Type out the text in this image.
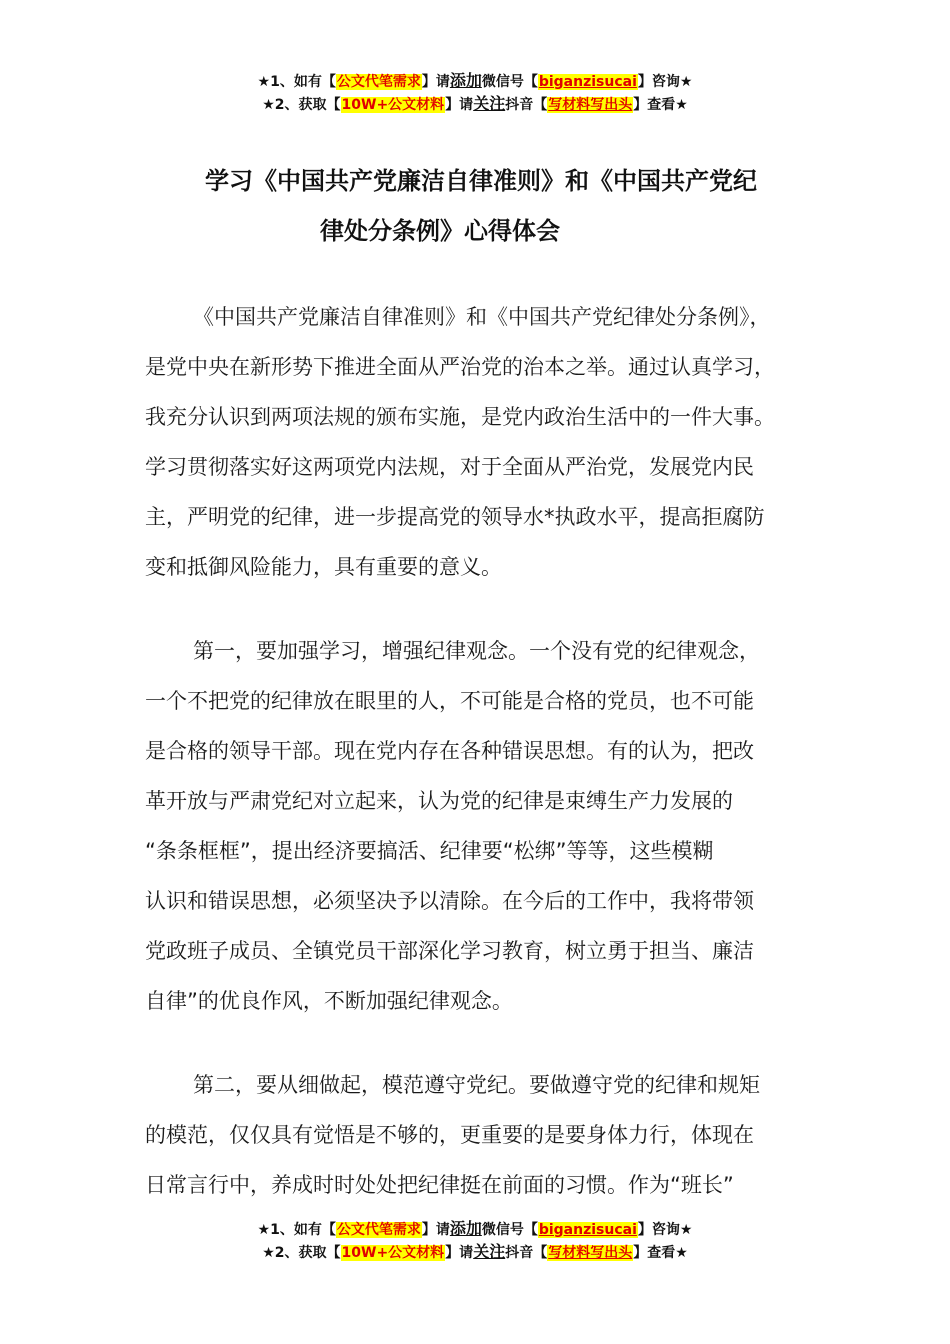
★1、如有【公文代笔需求】请添加微信号【biganzisucai】咨询★
★2、获取【10W+公文材料】请关注抖音【写材料写出头】查看★
学习《中国共产党廉洁自律准则》和《中国共产党纪
律处分条例》心得体会
《中国共产党廉洁自律准则》和《中国共产党纪律处分条例》，
是党中央在新形势下推进全面从严治党的治本之举。通过认真学习，
我充分认识到两项法规的颁布实施，是党内政治生活中的一件大事。
学习贯彻落实好这两项党内法规，对于全面从严治党，发展党内民
主，严明党的纪律，进一步提高党的领导水*执政水平，提高拒腐防
变和抵御风险能力，具有重要的意义。
第一，要加强学习，增强纪律观念。一个没有党的纪律观念，
一个不把党的纪律放在眼里的人，不可能是合格的党员，也不可能
是合格的领导干部。现在党内存在各种错误思想。有的认为，把改
革开放与严肃党纪对立起来，认为党的纪律是束缚生产力发展的
“条条框框”，提出经济要搞活、纪律要“松绑”等等，这些模糊
认识和错误思想，必须坚决予以清除。在今后的工作中，我将带领
党政班子成员、全镇党员干部深化学习教育，树立勇于担当、廉洁
自律”的优良作风，不断加强纪律观念。
第二，要从细做起，模范遵守党纪。要做遵守党的纪律和规矩
的模范，仅仅具有觉悟是不够的，更重要的是要身体力行，体现在
日常言行中，养成时时处处把纪律挺在前面的习惯。作为“班长”
★1、如有【公文代笔需求】请添加微信号【biganzisucai】咨询★
★2、获取【10W+公文材料】请关注抖音【写材料写出头】查看★
